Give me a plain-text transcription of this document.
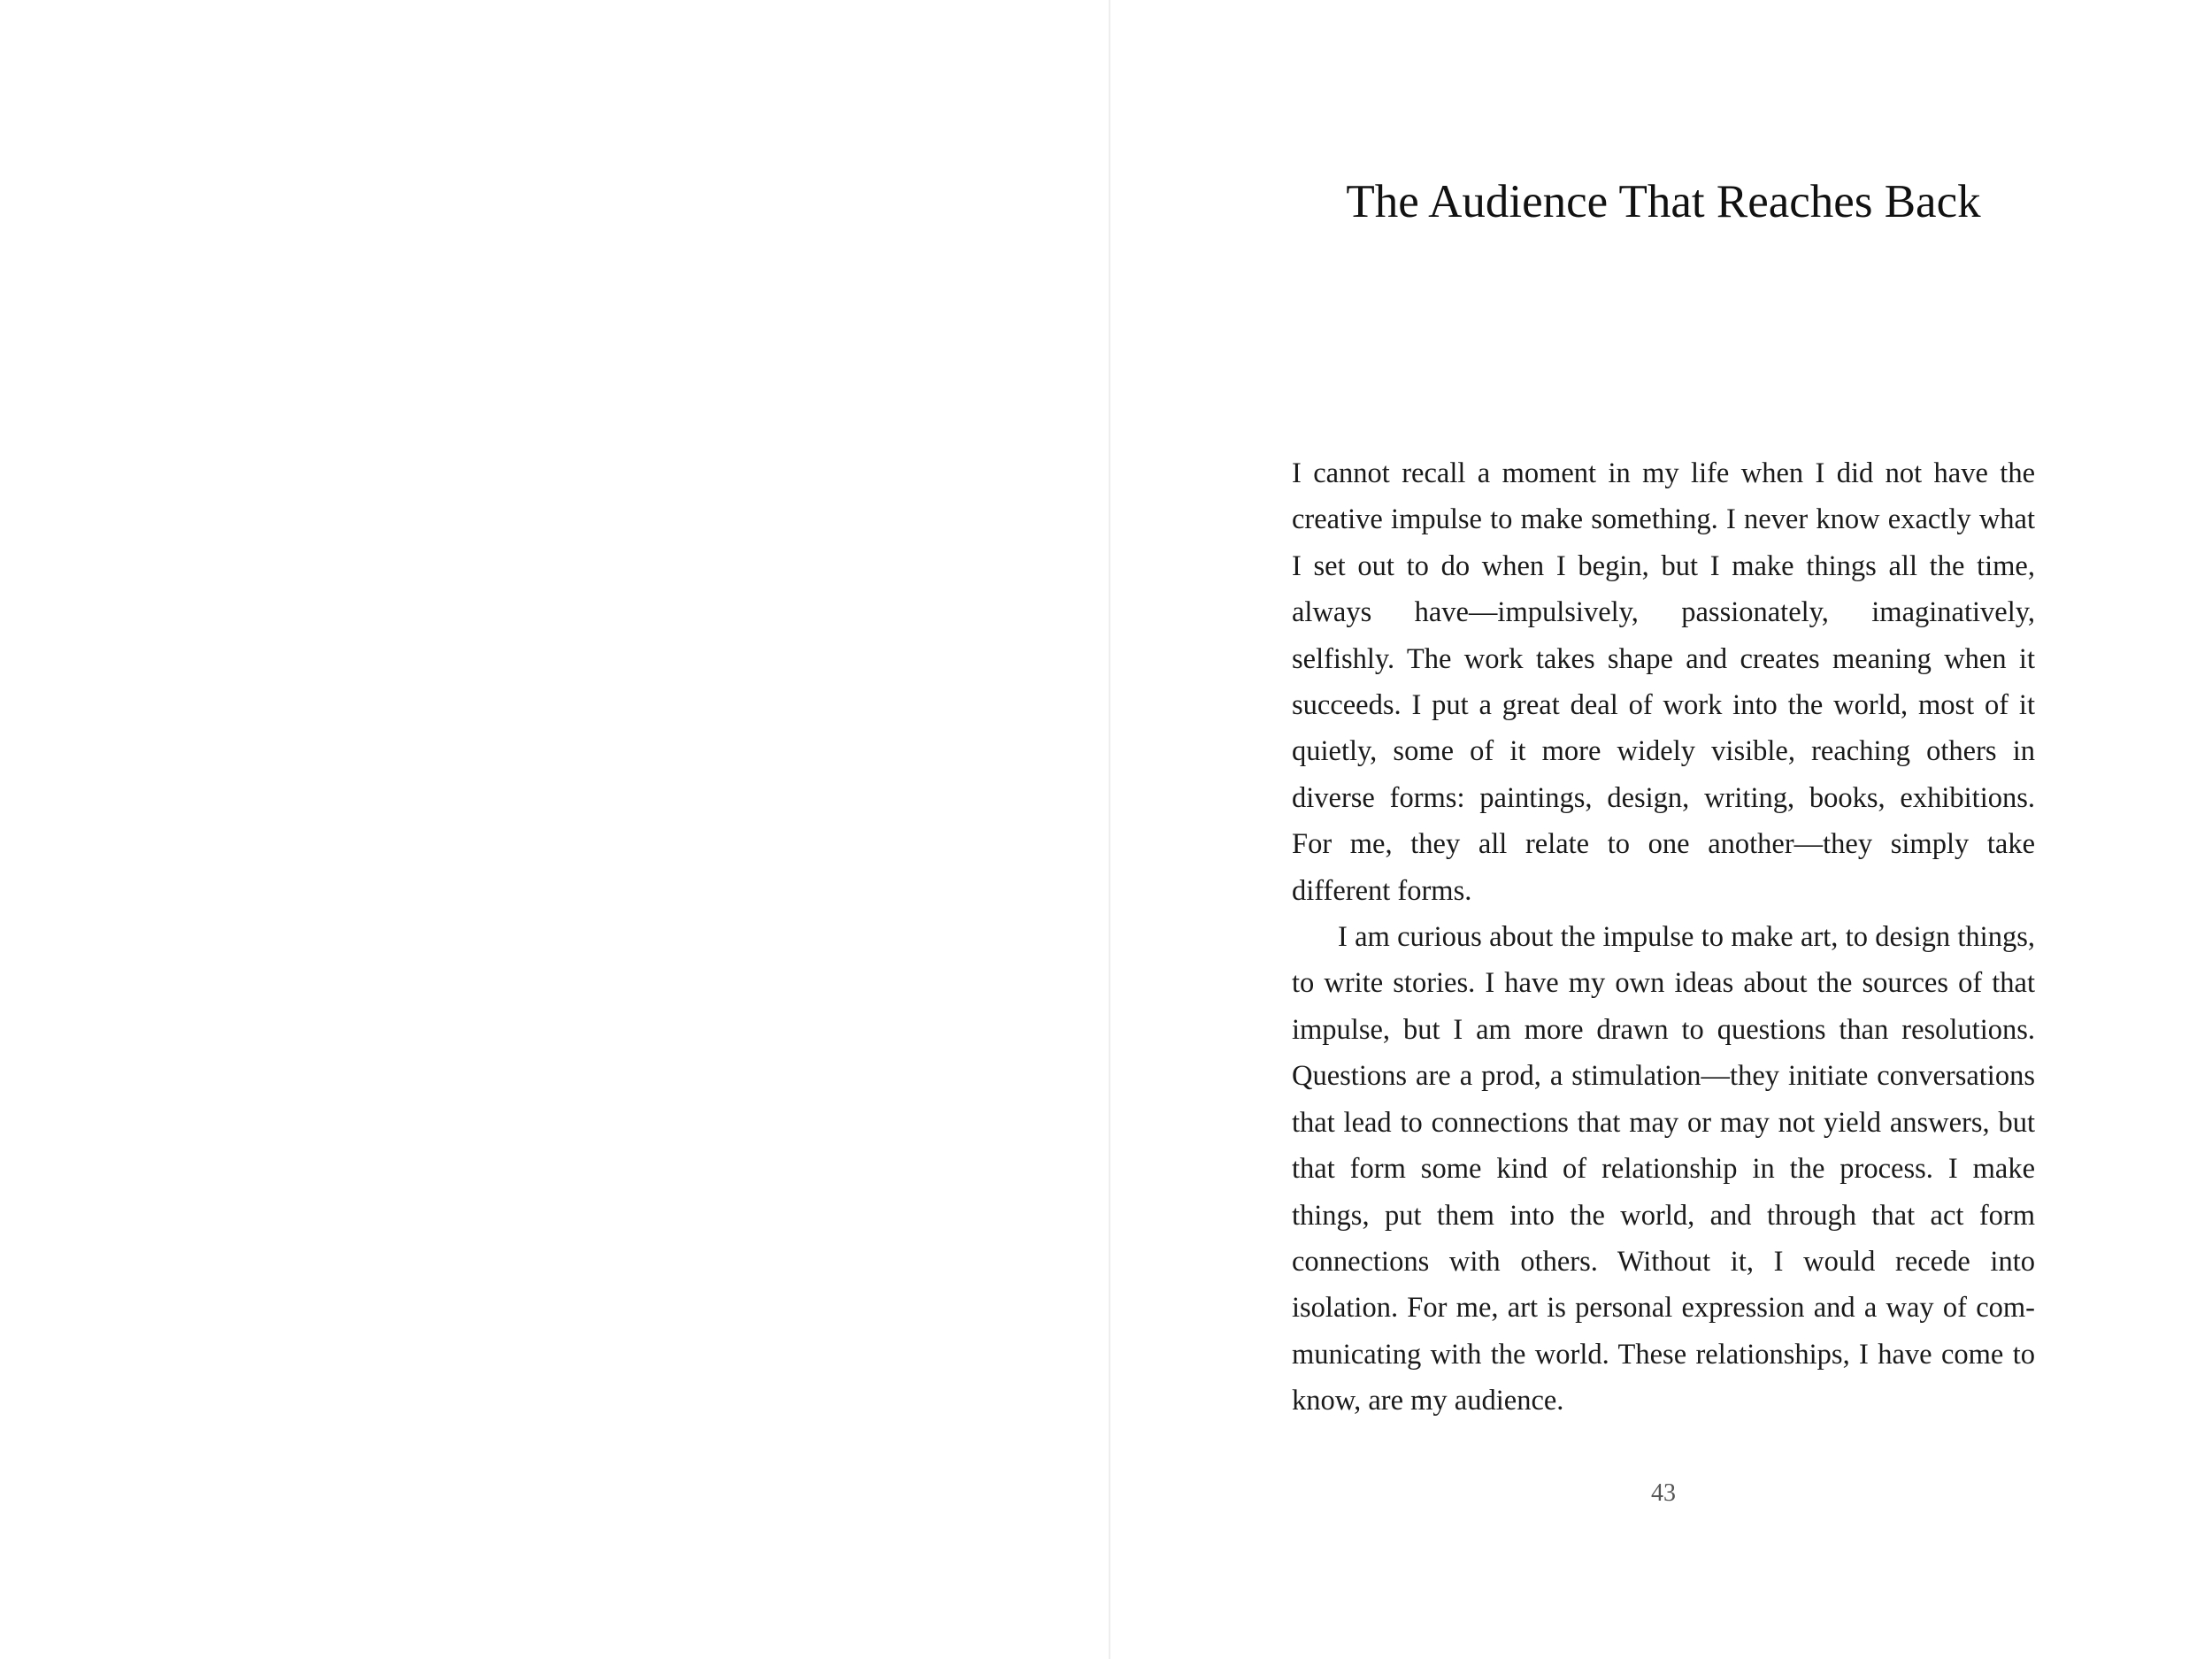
The Audience That Reaches Back

I cannot recall a moment in my life when I did not have the creative impulse to make something. I never know exactly what I set out to do when I begin, but I make things all the time, always have—impulsively, passionately, imaginatively, selfishly. The work takes shape and creates meaning when it succeeds. I put a great deal of work into the world, most of it quietly, some of it more widely visible, reaching others in diverse forms: paintings, design, writing, books, exhibitions. For me, they all relate to one another—they simply take different forms.

I am curious about the impulse to make art, to design things, to write stories. I have my own ideas about the sources of that impulse, but I am more drawn to questions than resolutions. Questions are a prod, a stimulation—they initiate conversations that lead to connections that may or may not yield answers, but that form some kind of relationship in the process. I make things, put them into the world, and through that act form connections with others. Without it, I would recede into isolation. For me, art is personal expression and a way of communicating with the world. These relationships, I have come to know, are my audience.

43
